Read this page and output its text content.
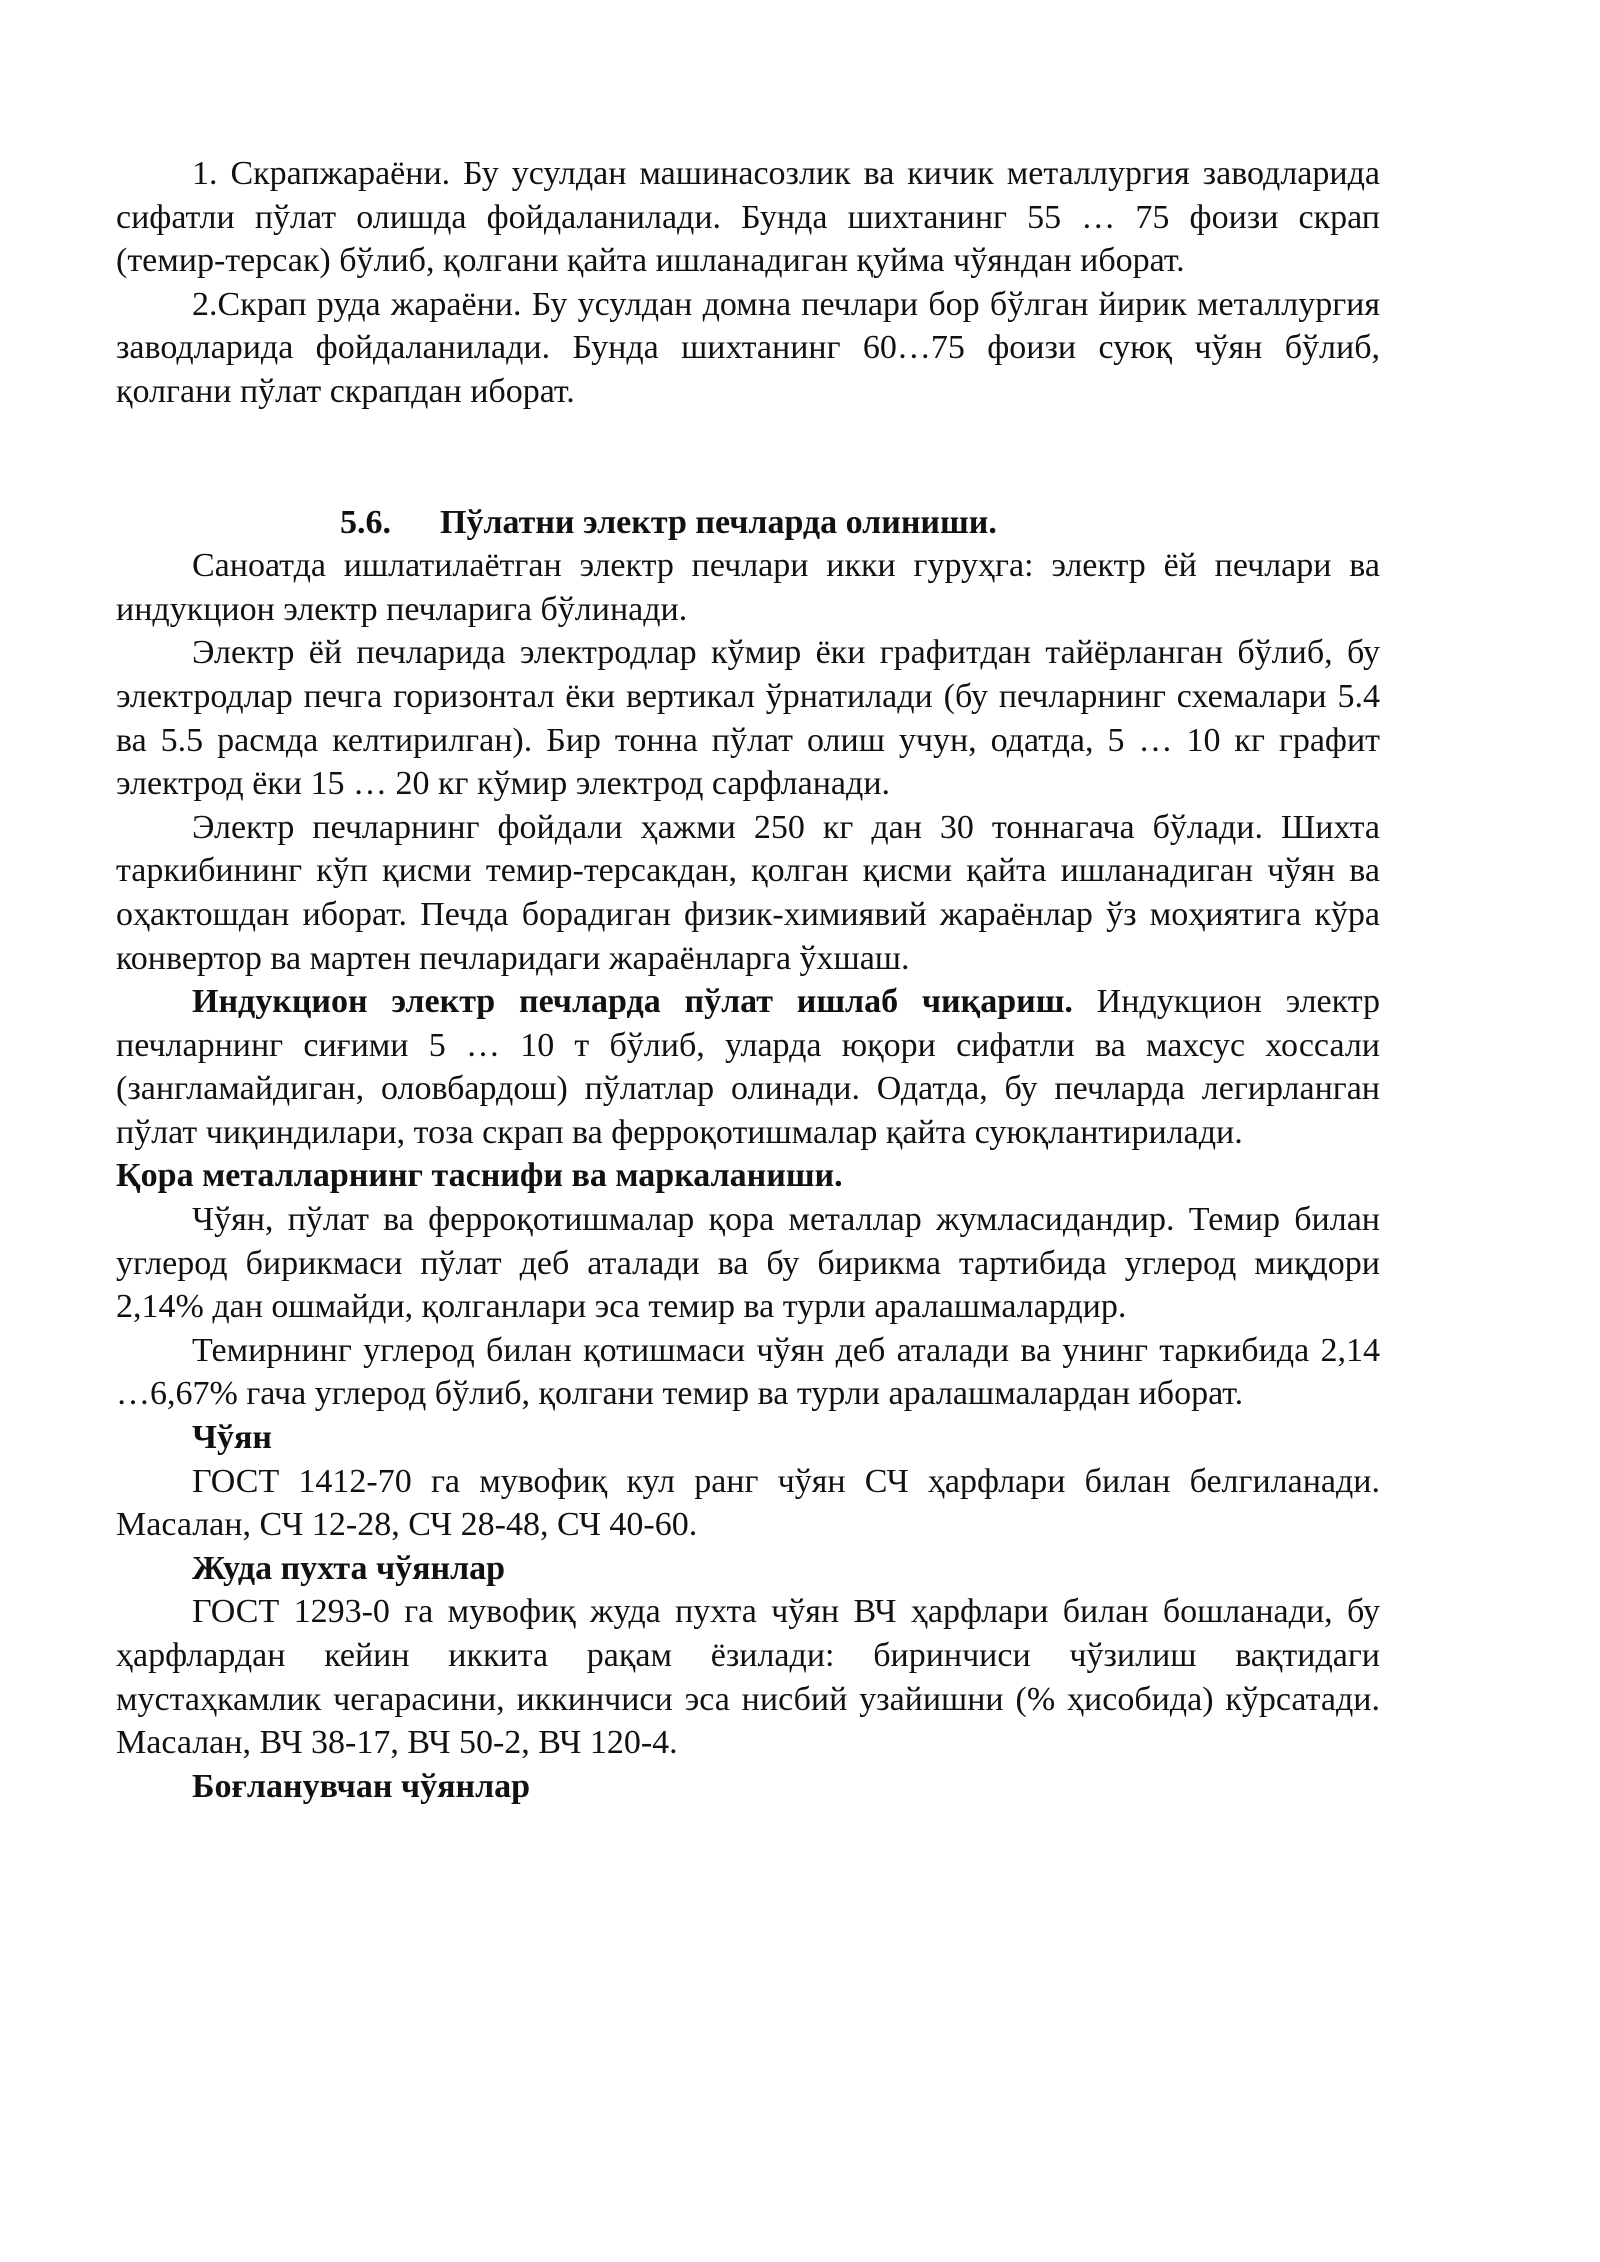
1. Скрапжараёни. Бу усулдан машинасозлик ва кичик металлургия заводларида сифатли пўлат олишда фойдаланилади. Бунда шихтанинг 55 … 75 фоизи скрап (темир-терсак) бўлиб, қолгани қайта ишланадиган қуйма чўяндан иборат.

2.Скрап руда жараёни. Бу усулдан домна печлари бор бўлган йирик металлургия заводларида фойдаланилади. Бунда шихтанинг 60…75 фоизи суюқ чўян бўлиб, қолгани пўлат скрапдан иборат.

5.6. Пўлатни электр печларда олиниши.

Саноатда ишлатилаётган электр печлари икки гуруҳга: электр ёй печлари ва индукцион электр печларига бўлинади.

Электр ёй печларида электродлар кўмир ёки графитдан тайёрланган бўлиб, бу электродлар печга горизонтал ёки вертикал ўрнатилади (бу печларнинг схемалари 5.4 ва 5.5 расмда келтирилган). Бир тонна пўлат олиш учун, одатда, 5 … 10 кг графит электрод ёки 15 … 20 кг кўмир электрод сарфланади.

Электр печларнинг фойдали ҳажми 250 кг дан 30 тоннагача бўлади. Шихта таркибининг кўп қисми темир-терсакдан, қолган қисми қайта ишланадиган чўян ва оҳактошдан иборат. Печда борадиган физик-химиявий жараёнлар ўз моҳиятига кўра конвертор ва мартен печларидаги жараёнларга ўхшаш.

Индукцион электр печларда пўлат ишлаб чиқариш. Индукцион электр печларнинг сиғими 5 … 10 т бўлиб, уларда юқори сифатли ва махсус хоссали (зангламайдиган, оловбардош) пўлатлар олинади. Одатда, бу печларда легирланган пўлат чиқиндилари, тоза скрап ва ферроқотишмалар қайта суюқлантирилади.

Қора металларнинг таснифи ва маркаланиши.

Чўян, пўлат ва ферроқотишмалар қора металлар жумласидандир. Темир билан углерод бирикмаси пўлат деб аталади ва бу бирикма тартибида углерод миқдори 2,14% дан ошмайди, қолганлари эса темир ва турли аралашмалардир.

Темирнинг углерод билан қотишмаси чўян деб аталади ва унинг таркибида 2,14 …6,67% гача углерод бўлиб, қолгани темир ва турли аралашмалардан иборат.

Чўян

ГОСТ 1412-70 га мувофиқ кул ранг чўян СЧ ҳарфлари билан белгиланади. Масалан, СЧ 12-28, СЧ 28-48, СЧ 40-60.

Жуда пухта чўянлар

ГОСТ 1293-0 га мувофиқ жуда пухта чўян ВЧ ҳарфлари билан бошланади, бу ҳарфлардан кейин иккита рақам ёзилади: биринчиси чўзилиш вақтидаги мустаҳкамлик чегарасини, иккинчиси эса нисбий узайишни (% ҳисобида) кўрсатади. Масалан, ВЧ 38-17, ВЧ 50-2, ВЧ 120-4.

Боғланувчан чўянлар
